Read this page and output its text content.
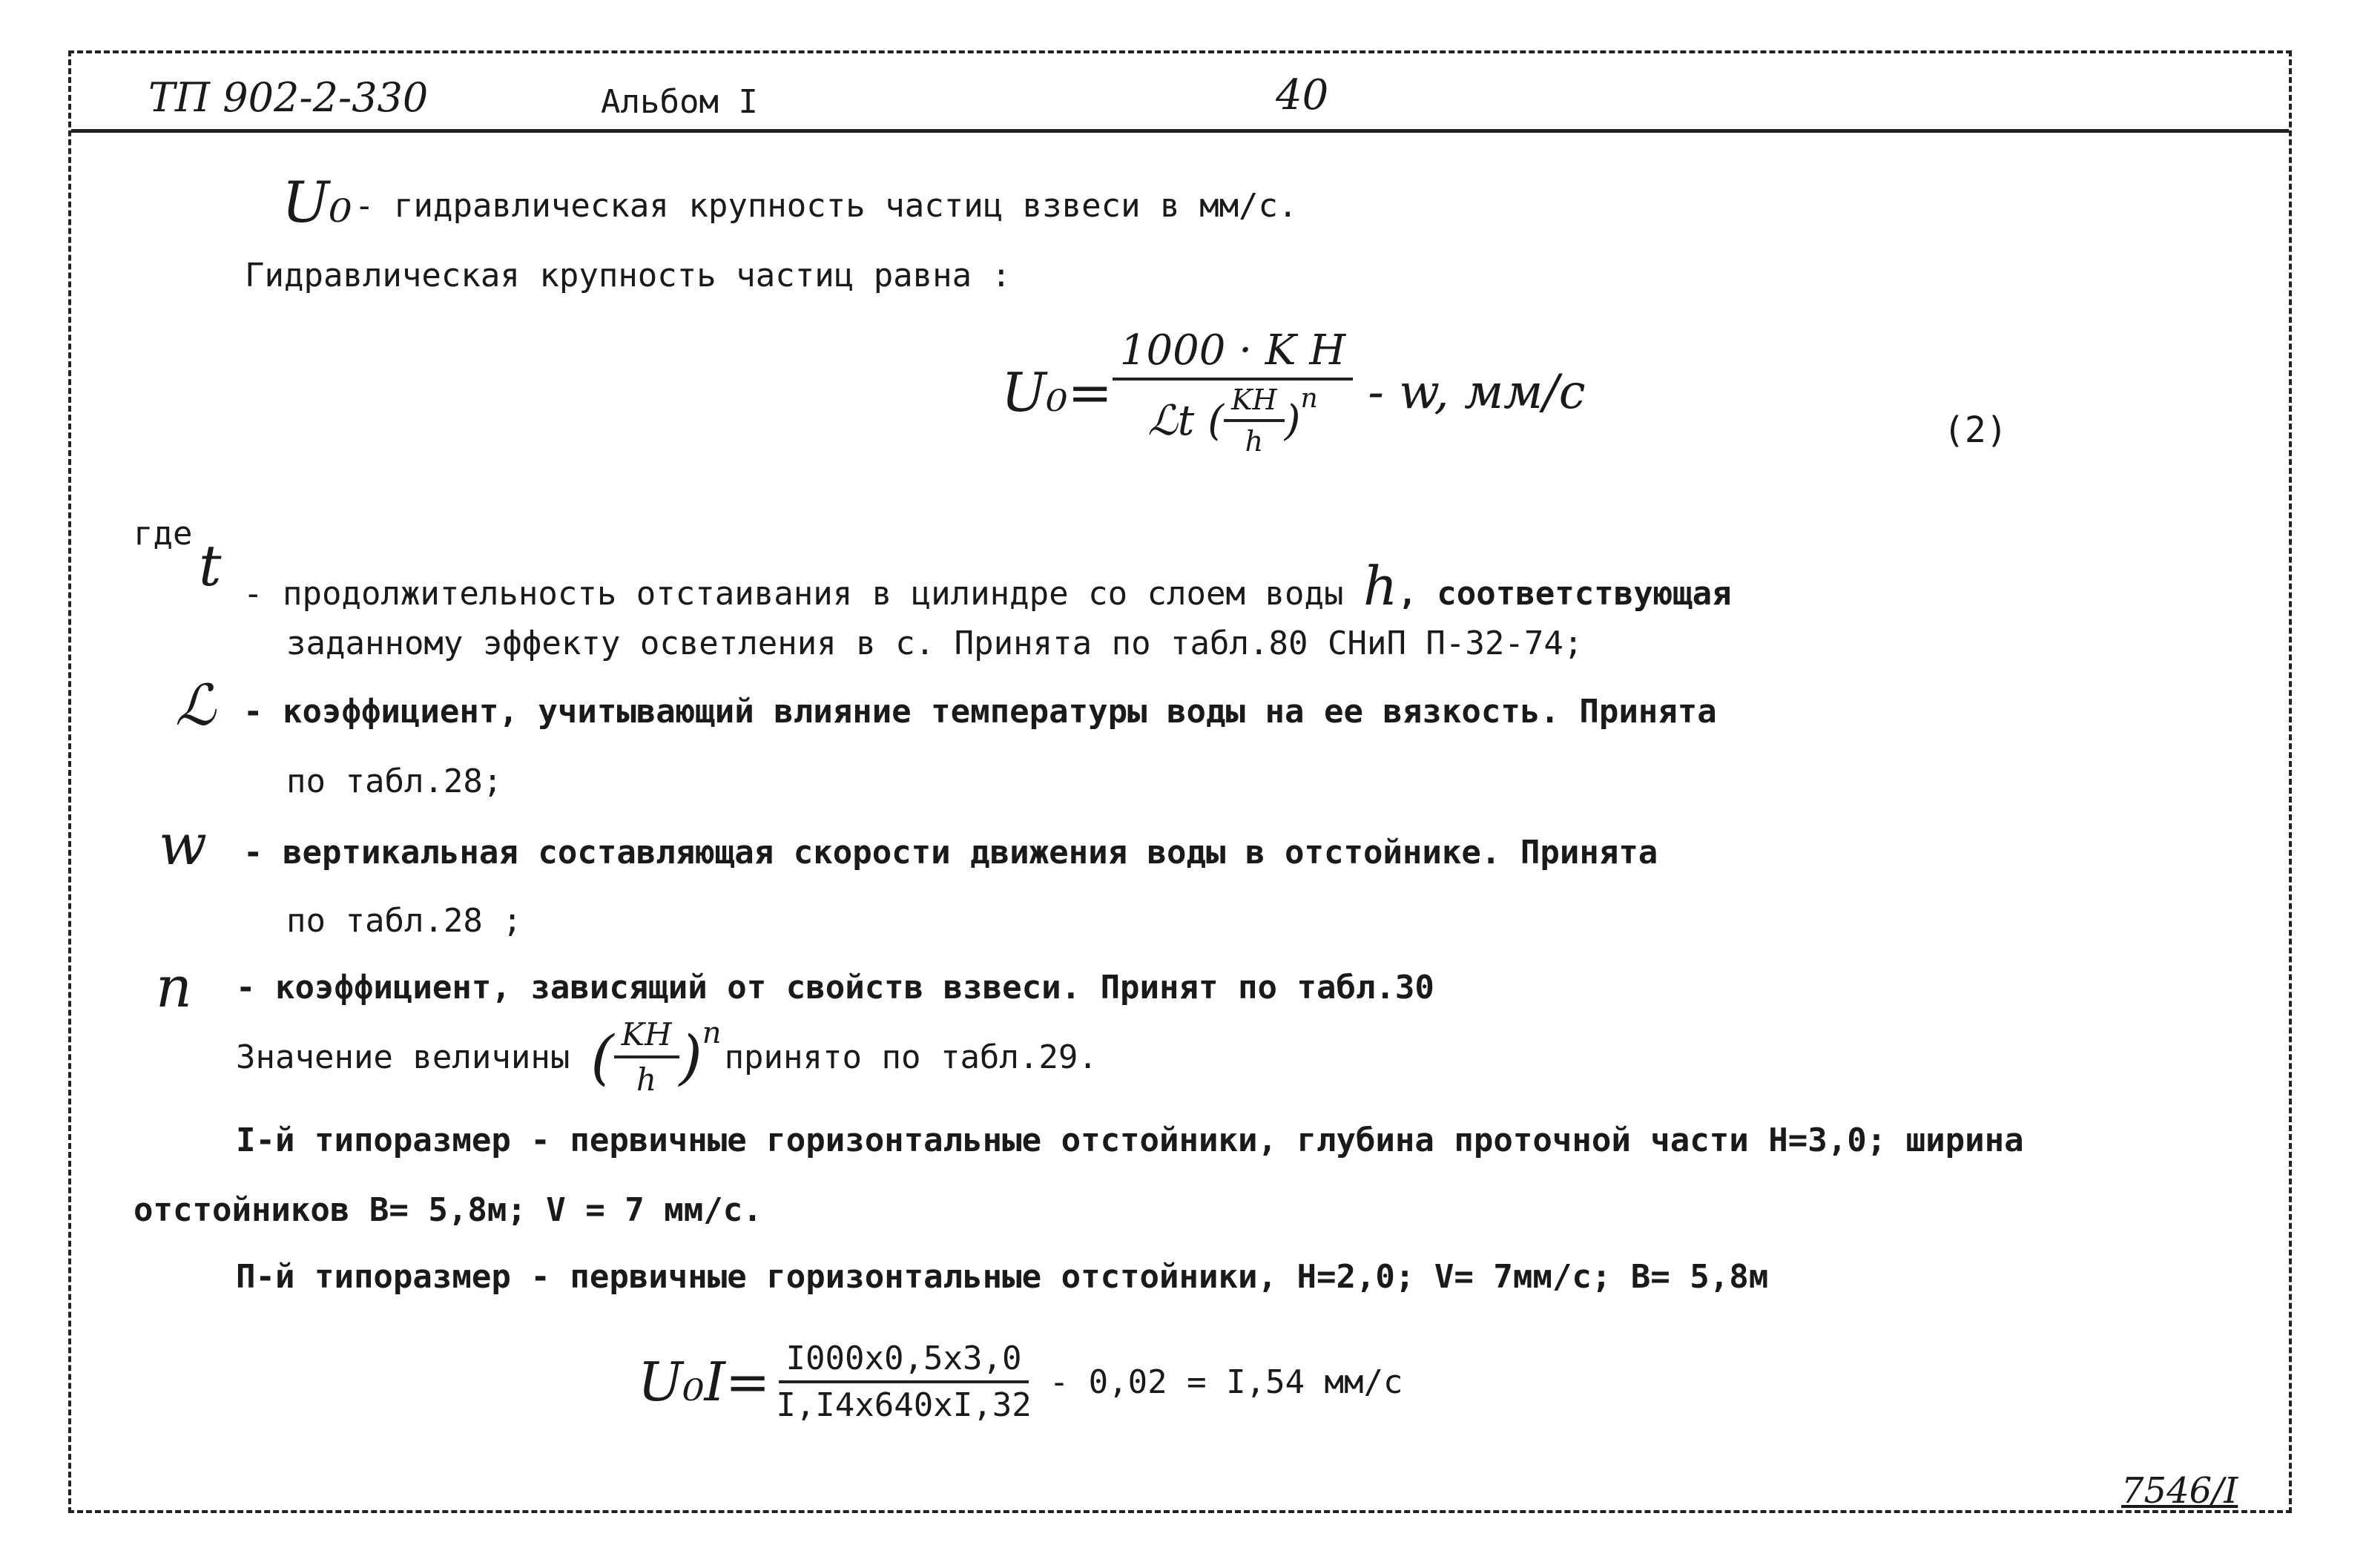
ТП 902-2-330	Альбом I	40
U₀ - гидравлическая крупность частиц взвеси в мм/с.
Гидравлическая крупность частиц равна :
U₀=
1000 · K H
ℒt ( $\frac{KH}{h} )^n$ - w, мм/с
(2)
где t - продолжительность отстаивания в цилиндре со слоем воды h, соответствующая
заданному эффекту осветления в с. Принята по табл.80 СНиП П-32-74;
ℒ - коэффициент, учитывающий влияние температуры воды на ее вязкость. Принята
по табл.28;
w - вертикальная составляющая скорости движения воды в отстойнике. Принята
по табл.28 ;
n - коэффициент, зависящий от свойств взвеси. Принят по табл.30
Значение величины ( $\frac{KH}{h}$ ) n
принято по табл.29.
I-й типоразмер - первичные горизонтальные отстойники, глубина проточной части Н=3,0; ширина
отстойников В= 5,8м; V = 7 мм/с.
П-й типоразмер - первичные горизонтальные отстойники, Н=2,0; V= 7мм/с; В= 5,8м
$U_0I= \frac{I000x0,5x3,0}{I,I4x640xI,32} - 0,02 = I,54$ мм/с
7546/I
